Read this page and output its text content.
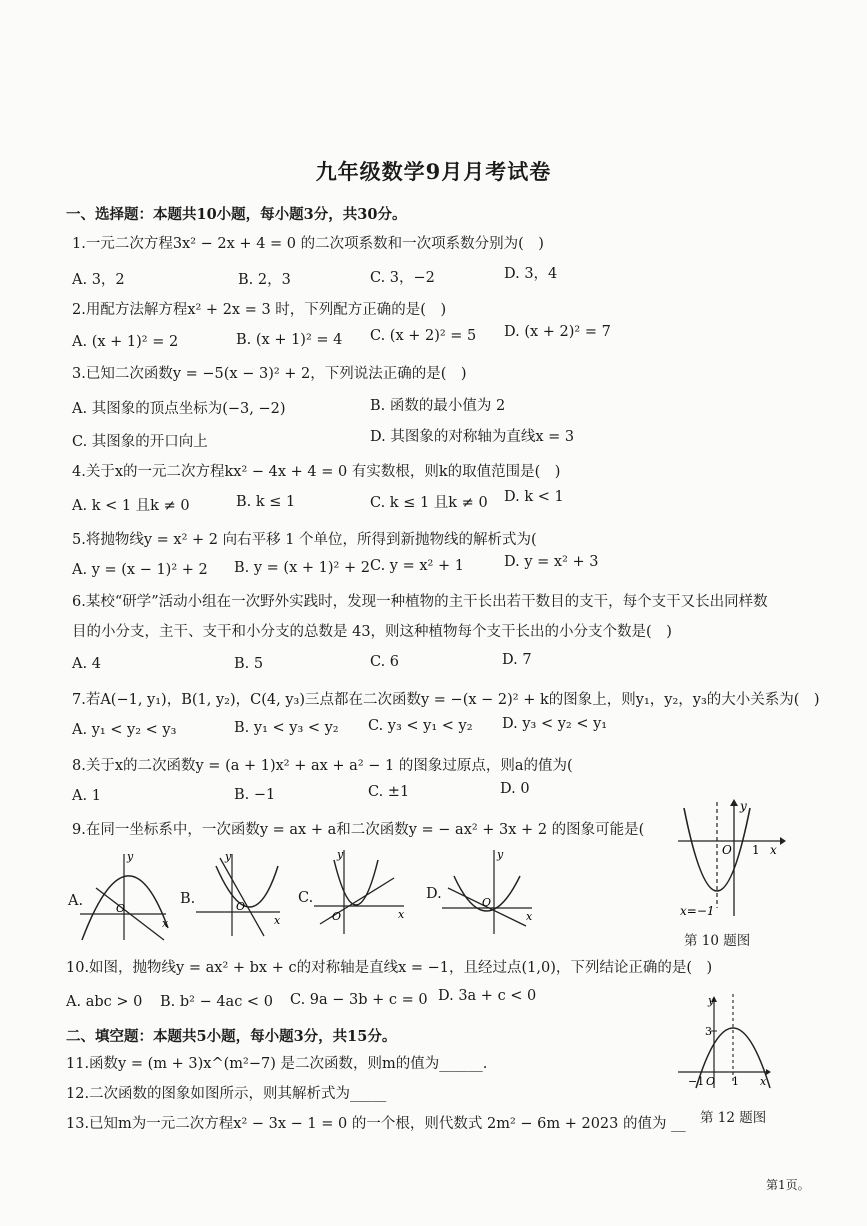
九年级数学9月月考试卷
一、选择题：本题共10小题，每小题3分，共30分。
1.一元二次方程3x² − 2x + 4 = 0 的二次项系数和一次项系数分别为(　)
A. 3，2	B. 2，3	C. 3，−2	D. 3，4
2.用配方法解方程x² + 2x = 3 时，下列配方正确的是(　)
A. (x + 1)² = 2	B. (x + 1)² = 4 C. (x + 2)² = 5 D. (x + 2)² = 7
3.已知二次函数y = −5(x − 3)² + 2，下列说法正确的是(　)
A. 其图象的顶点坐标为(−3, −2)	B. 函数的最小值为 2
C. 其图象的开口向上	D. 其图象的对称轴为直线x = 3
4.关于x的一元二次方程kx² − 4x + 4 = 0 有实数根，则k的取值范围是(　)
A. k < 1 且k ≠ 0	B. k ≤ 1	C. k ≤ 1 且k ≠ 0 D. k < 1
5.将抛物线y = x² + 2 向右平移 1 个单位，所得到新抛物线的解析式为(
A. y = (x − 1)² + 2 B. y = (x + 1)² + 2 C. y = x² + 1	D. y = x² + 3
6.某校“研学”活动小组在一次野外实践时，发现一种植物的主干长出若干数目的支干，每个支干又长出同样数
目的小分支，主干、支干和小分支的总数是 43，则这种植物每个支干长出的小分支个数是(　)
A. 4	B. 5	C. 6	D. 7
7.若A(−1, y₁)，B(1, y₂)，C(4, y₃)三点都在二次函数y = −(x − 2)² + k的图象上，则y₁，y₂，y₃的大小关系为(　)
A. y₁ < y₂ < y₃	B. y₁ < y₃ < y₂ C. y₃ < y₁ < y₂ D. y₃ < y₂ < y₁
8.关于x的二次函数y = (a + 1)x² + ax + a² − 1 的图象过原点，则a的值为(
A. 1	B. −1	C. ±1	D. 0
9.在同一坐标系中，一次函数y = ax + a和二次函数y = − ax² + 3x + 2 的图象可能是(
A.
y
x
O
B.
y
x
O
C.
y
x
O
D.
y
x
O
y
O 1 x
x=−1
第 10 题图
10.如图，抛物线y = ax² + bx + c的对称轴是直线x = −1，且经过点(1,0)，下列结论正确的是(　)
A. abc > 0 B. b² − 4ac < 0 C. 9a − 3b + c = 0 D. 3a + c < 0
二、填空题：本题共5小题，每小题3分，共15分。
11.函数y = (m + 3)x^(m²−7) 是二次函数，则m的值为______.
12.二次函数的图象如图所示，则其解析式为_____
13.已知m为一元二次方程x² − 3x − 1 = 0 的一个根，则代数式 2m² − 6m + 2023 的值为 __
y
3
−1 O 1 x
第 12 题图
第1页。
